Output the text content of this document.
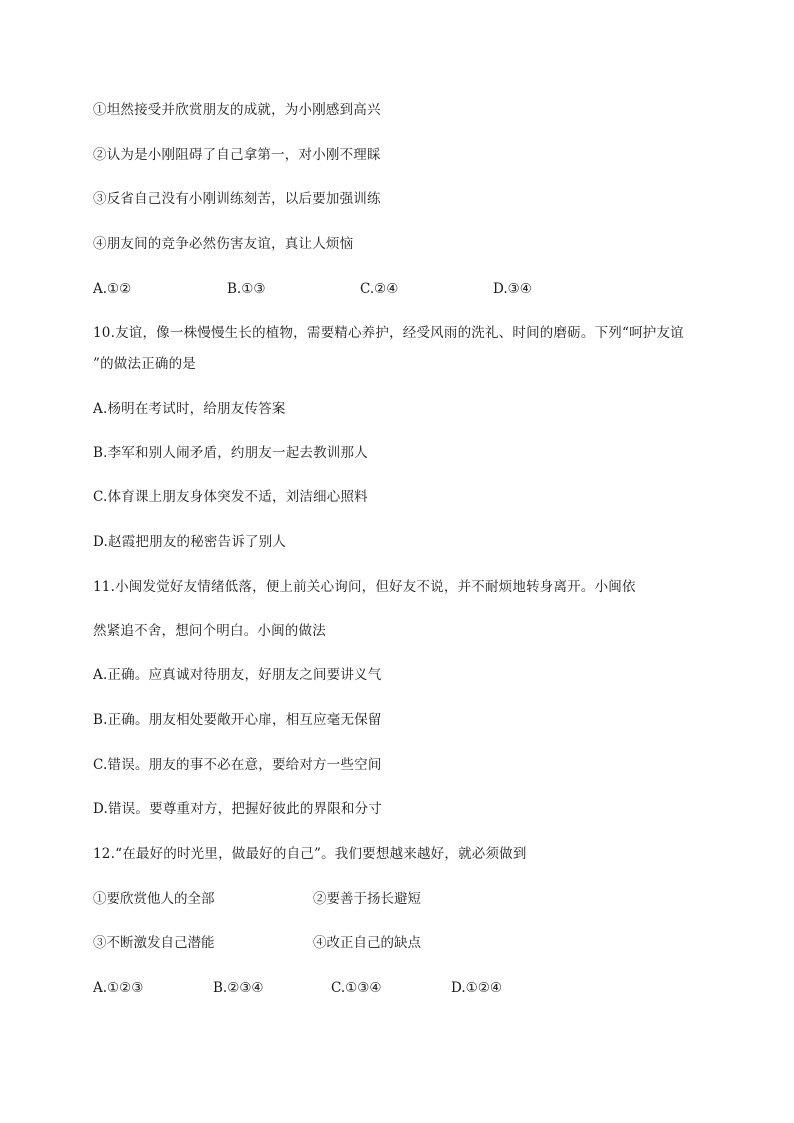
①坦然接受并欣赏朋友的成就，为小刚感到高兴
②认为是小刚阻碍了自己拿第一，对小刚不理睬
③反省自己没有小刚训练刻苦，以后要加强训练
④朋友间的竞争必然伤害友谊，真让人烦恼
A.①②	B.①③	C.②④	D.③④
10.友谊，像一株慢慢生长的植物，需要精心养护，经受风雨的洗礼、时间的磨砺。下列“呵护友谊
”的做法正确的是
A.杨明在考试时，给朋友传答案
B.李军和别人闹矛盾，约朋友一起去教训那人
C.体育课上朋友身体突发不适，刘洁细心照料
D.赵霞把朋友的秘密告诉了别人
11.小闽发觉好友情绪低落，便上前关心询问，但好友不说，并不耐烦地转身离开。小闽依
然紧追不舍，想问个明白。小闽的做法
A.正确。应真诚对待朋友，好朋友之间要讲义气
B.正确。朋友相处要敞开心扉，相互应毫无保留
C.错误。朋友的事不必在意，要给对方一些空间
D.错误。要尊重对方，把握好彼此的界限和分寸
12.“在最好的时光里，做最好的自己”。我们要想越来越好，就必须做到
①要欣赏他人的全部	②要善于扬长避短
③不断激发自己潜能	④改正自己的缺点
A.①②③	B.②③④	C.①③④	D.①②④
